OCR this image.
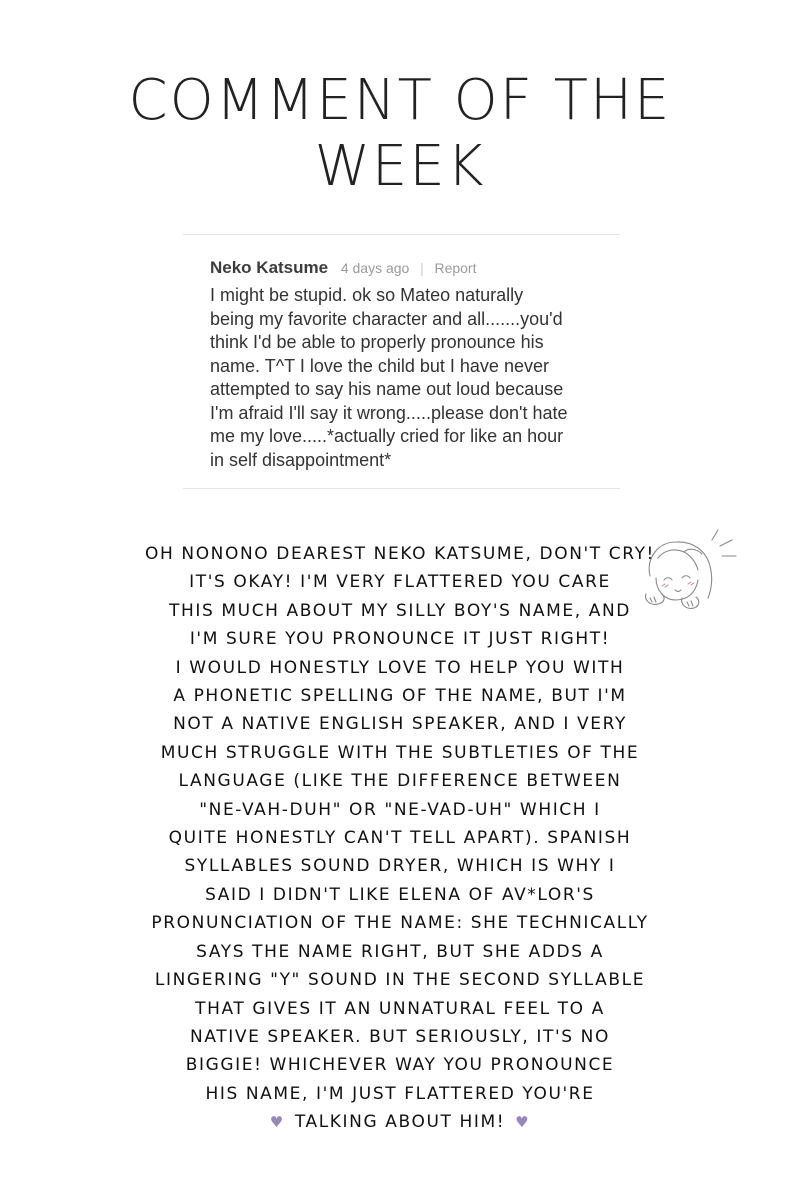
COMMENT OF THE
WEEK
Neko Katsume 4 days ago | Report
I might be stupid. ok so Mateo naturally
being my favorite character and all.......you'd
think I'd be able to properly pronounce his
name. T^T I love the child but I have never
attempted to say his name out loud because
I'm afraid I'll say it wrong.....please don't hate
me my love.....*actually cried for like an hour
in self disappointment*
OH NONONO DEAREST NEKO KATSUME, DON'T CRY!
IT'S OKAY! I'M VERY FLATTERED YOU CARE
THIS MUCH ABOUT MY SILLY BOY'S NAME, AND
I'M SURE YOU PRONOUNCE IT JUST RIGHT!
I WOULD HONESTLY LOVE TO HELP YOU WITH
A PHONETIC SPELLING OF THE NAME, BUT I'M
NOT A NATIVE ENGLISH SPEAKER, AND I VERY
MUCH STRUGGLE WITH THE SUBTLETIES OF THE
LANGUAGE (LIKE THE DIFFERENCE BETWEEN
"NE-VAH-DUH" OR "NE-VAD-UH" WHICH I
QUITE HONESTLY CAN'T TELL APART). SPANISH
SYLLABLES SOUND DRYER, WHICH IS WHY I
SAID I DIDN'T LIKE ELENA OF AV*LOR'S
PRONUNCIATION OF THE NAME: SHE TECHNICALLY
SAYS THE NAME RIGHT, BUT SHE ADDS A
LINGERING "Y" SOUND IN THE SECOND SYLLABLE
THAT GIVES IT AN UNNATURAL FEEL TO A
NATIVE SPEAKER. BUT SERIOUSLY, IT'S NO
BIGGIE! WHICHEVER WAY YOU PRONOUNCE
HIS NAME, I'M JUST FLATTERED YOU'RE
♥ TALKING ABOUT HIM! ♥
